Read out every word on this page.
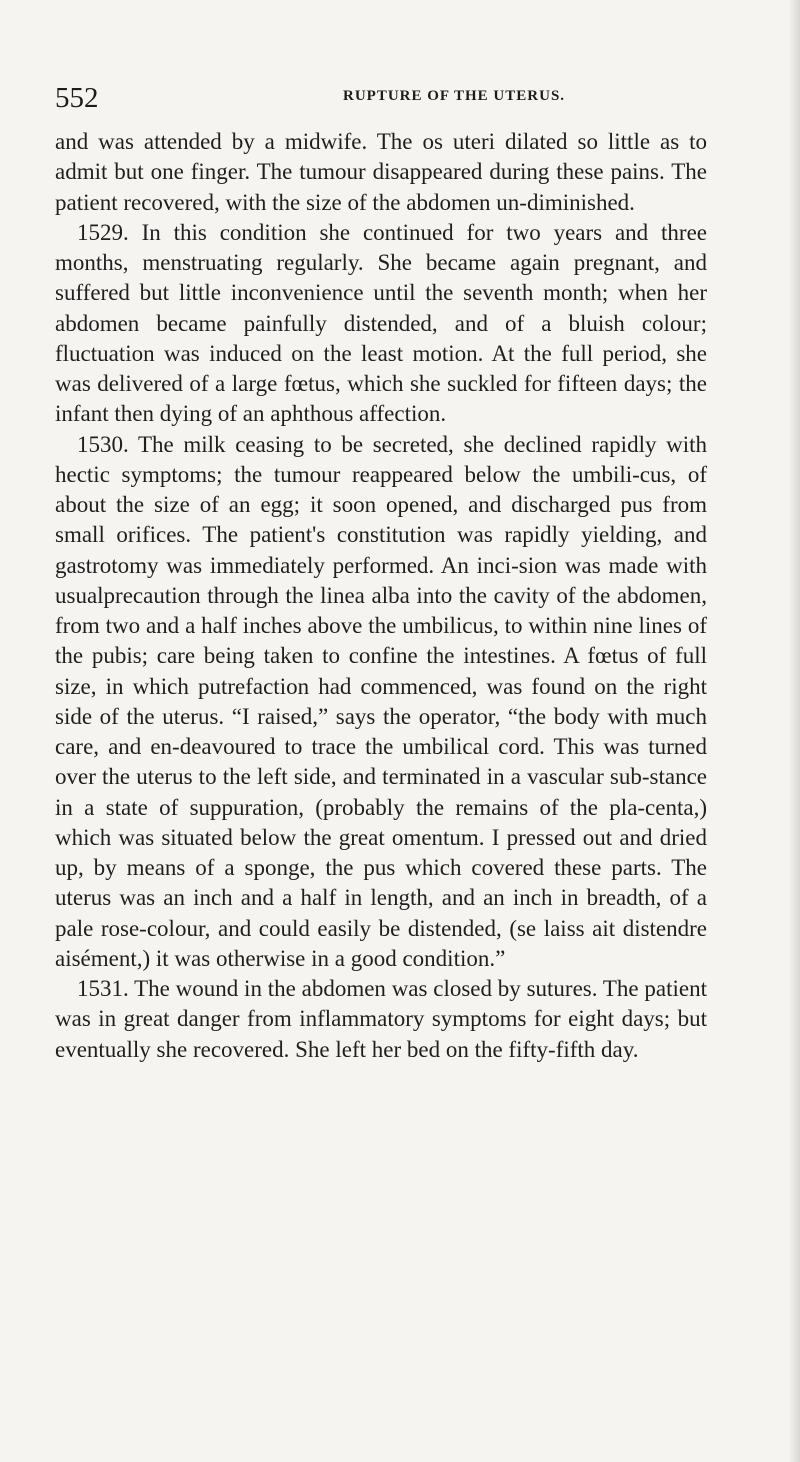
552	RUPTURE OF THE UTERUS.

and was attended by a midwife. The os uteri dilated so little as to admit but one finger. The tumour disappeared during these pains. The patient recovered, with the size of the abdomen un-diminished.

1529. In this condition she continued for two years and three months, menstruating regularly. She became again pregnant, and suffered but little inconvenience until the seventh month; when her abdomen became painfully distended, and of a bluish colour; fluctuation was induced on the least motion. At the full period, she was delivered of a large fœtus, which she suckled for fifteen days; the infant then dying of an aphthous affection.

1530. The milk ceasing to be secreted, she declined rapidly with hectic symptoms; the tumour reappeared below the umbili-cus, of about the size of an egg; it soon opened, and discharged pus from small orifices. The patient's constitution was rapidly yielding, and gastrotomy was immediately performed. An inci-sion was made with usualprecaution through the linea alba into the cavity of the abdomen, from two and a half inches above the umbilicus, to within nine lines of the pubis; care being taken to confine the intestines. A fœtus of full size, in which putrefaction had commenced, was found on the right side of the uterus. “I raised,” says the operator, “the body with much care, and en-deavoured to trace the umbilical cord. This was turned over the uterus to the left side, and terminated in a vascular sub-stance in a state of suppuration, (probably the remains of the pla-centa,) which was situated below the great omentum. I pressed out and dried up, by means of a sponge, the pus which covered these parts. The uterus was an inch and a half in length, and an inch in breadth, of a pale rose-colour, and could easily be distended, (se laiss ait distendre aisément,) it was otherwise in a good condition.”

1531. The wound in the abdomen was closed by sutures. The patient was in great danger from inflammatory symptoms for eight days; but eventually she recovered. She left her bed on the fifty-fifth day.
